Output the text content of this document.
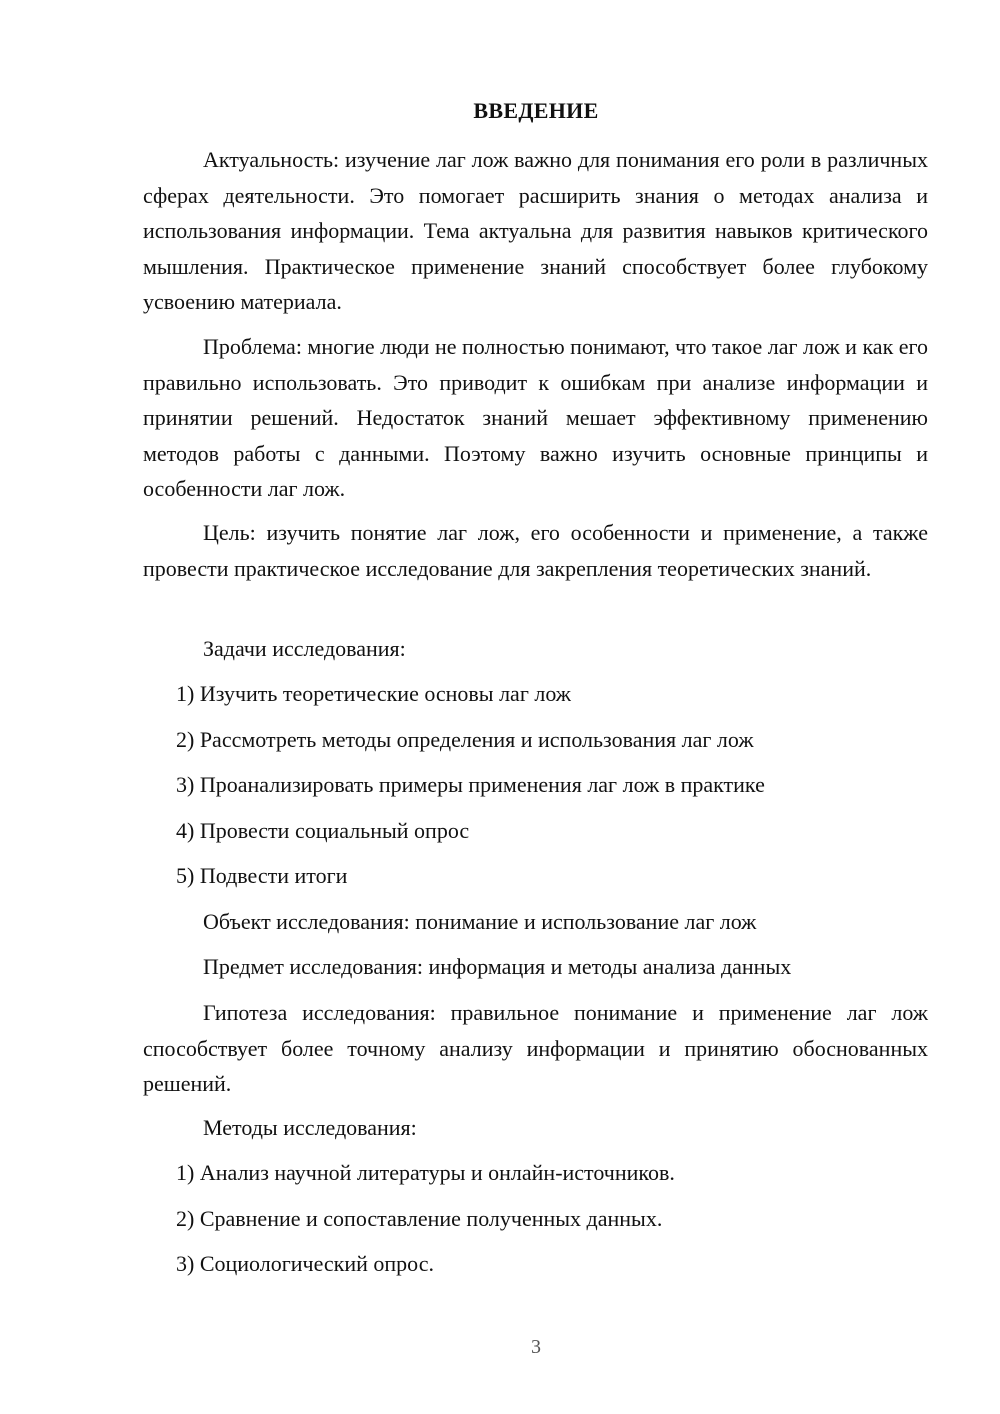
ВВЕДЕНИЕ

Актуальность: изучение лаг лож важно для понимания его роли в различных сферах деятельности. Это помогает расширить знания о методах анализа и использования информации. Тема актуальна для развития навыков критического мышления. Практическое применение знаний способствует более глубокому усвоению материала.

Проблема: многие люди не полностью понимают, что такое лаг лож и как его правильно использовать. Это приводит к ошибкам при анализе информации и принятии решений. Недостаток знаний мешает эффективному применению методов работы с данными. Поэтому важно изучить основные принципы и особенности лаг лож.

Цель: изучить понятие лаг лож, его особенности и применение, а также провести практическое исследование для закрепления теоретических знаний.

Задачи исследования:

1) Изучить теоретические основы лаг лож

2) Рассмотреть методы определения и использования лаг лож

3) Проанализировать примеры применения лаг лож в практике

4) Провести социальный опрос

5) Подвести итоги

Объект исследования: понимание и использование лаг лож

Предмет исследования: информация и методы анализа данных

Гипотеза исследования: правильное понимание и применение лаг лож способствует более точному анализу информации и принятию обоснованных решений.

Методы исследования:

1) Анализ научной литературы и онлайн-источников.

2) Сравнение и сопоставление полученных данных.

3) Социологический опрос.

3
